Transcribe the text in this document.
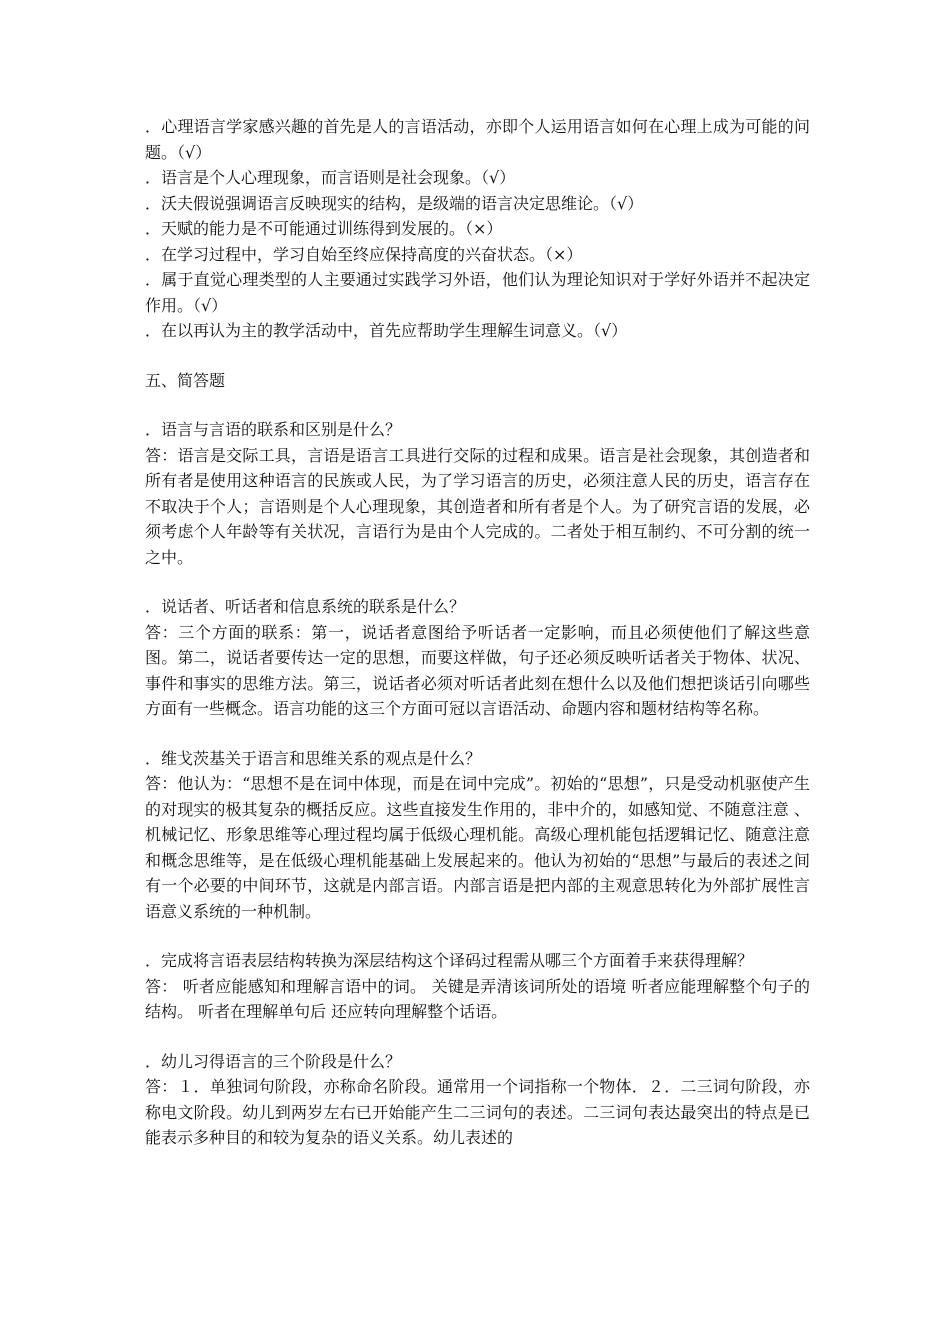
．心理语言学家感兴趣的首先是人的言语活动，亦即个人运用语言如何在心理上成为可能的问题。（√）
．语言是个人心理现象，而言语则是社会现象。（√）
．沃夫假说强调语言反映现实的结构，是级端的语言决定思维论。（√）
．天赋的能力是不可能通过训练得到发展的。（×）
．在学习过程中，学习自始至终应保持高度的兴奋状态。（×）
．属于直觉心理类型的人主要通过实践学习外语，他们认为理论知识对于学好外语并不起决定作用。（√）
．在以再认为主的教学活动中，首先应帮助学生理解生词意义。（√）
五、简答题
．语言与言语的联系和区别是什么？
答：语言是交际工具，言语是语言工具进行交际的过程和成果。语言是社会现象，其创造者和所有者是使用这种语言的民族或人民，为了学习语言的历史，必须注意人民的历史，语言存在不取决于个人；言语则是个人心理现象，其创造者和所有者是个人。为了研究言语的发展，必须考虑个人年龄等有关状况，言语行为是由个人完成的。二者处于相互制约、不可分割的统一之中。
．说话者、听话者和信息系统的联系是什么？
答：三个方面的联系：第一，说话者意图给予听话者一定影响，而且必须使他们了解这些意图。第二，说话者要传达一定的思想，而要这样做，句子还必须反映听话者关于物体、状况、事件和事实的思维方法。第三，说话者必须对听话者此刻在想什么以及他们想把谈话引向哪些方面有一些概念。语言功能的这三个方面可冠以言语活动、命题内容和题材结构等名称。
．维戈茨基关于语言和思维关系的观点是什么？
答：他认为：“思想不是在词中体现，而是在词中完成”。初始的“思想”，只是受动机驱使产生的对现实的极其复杂的概括反应。这些直接发生作用的，非中介的，如感知觉、不随意注意 、机械记忆、形象思维等心理过程均属于低级心理机能。高级心理机能包括逻辑记忆、随意注意和概念思维等，是在低级心理机能基础上发展起来的。他认为初始的“思想”与最后的表述之间有一个必要的中间环节，这就是内部言语。内部言语是把内部的主观意思转化为外部扩展性言语意义系统的一种机制。
．完成将言语表层结构转换为深层结构这个译码过程需从哪三个方面着手来获得理解？
答： 听者应能感知和理解言语中的词。 关键是弄清该词所处的语境 听者应能理解整个句子的结构。 听者在理解单句后 还应转向理解整个话语。
．幼儿习得语言的三个阶段是什么？
答：１．单独词句阶段，亦称命名阶段。通常用一个词指称一个物体．２．二三词句阶段，亦称电文阶段。幼儿到两岁左右已开始能产生二三词句的表述。二三词句表达最突出的特点是已能表示多种目的和较为复杂的语义关系。幼儿表述的
